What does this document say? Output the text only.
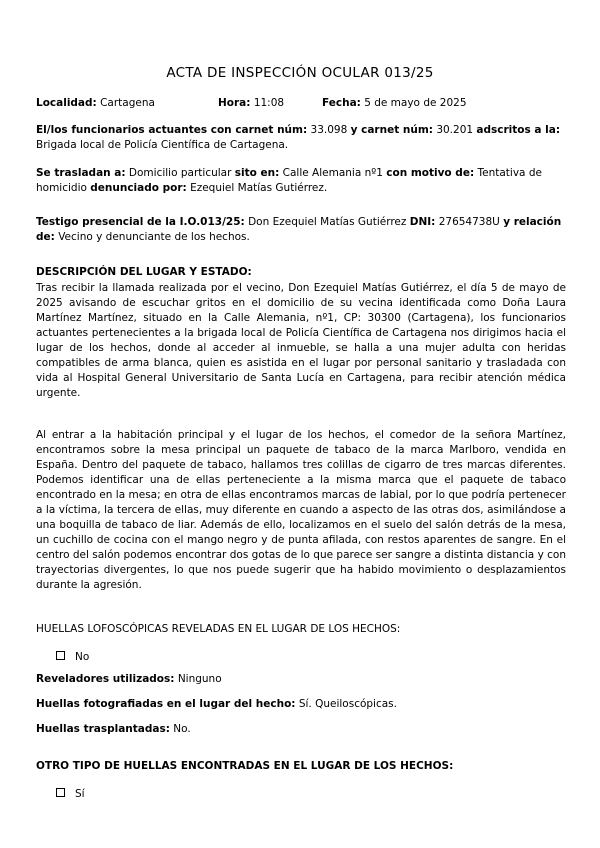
ACTA DE INSPECCIÓN OCULAR 013/25
Localidad: Cartagena	Hora: 11:08	Fecha: 5 de mayo de 2025
El/los funcionarios actuantes con carnet núm: 33.098 y carnet núm: 30.201 adscritos a la: Brigada local de Policía Científica de Cartagena.
Se trasladan a: Domicilio particular sito en: Calle Alemania nº1 con motivo de: Tentativa de homicidio denunciado por: Ezequiel Matías Gutiérrez.
Testigo presencial de la I.O.013/25: Don Ezequiel Matías Gutiérrez DNI: 27654738U y relación de: Vecino y denunciante de los hechos.
DESCRIPCIÓN DEL LUGAR Y ESTADO:
Tras recibir la llamada realizada por el vecino, Don Ezequiel Matías Gutiérrez, el día 5 de mayo de 2025 avisando de escuchar gritos en el domicilio de su vecina identificada como Doña Laura Martínez Martínez, situado en la Calle Alemania, nº1, CP: 30300 (Cartagena), los funcionarios actuantes pertenecientes a la brigada local de Policía Científica de Cartagena nos dirigimos hacia el lugar de los hechos, donde al acceder al inmueble, se halla a una mujer adulta con heridas compatibles de arma blanca, quien es asistida en el lugar por personal sanitario y trasladada con vida al Hospital General Universitario de Santa Lucía en Cartagena, para recibir atención médica urgente.
Al entrar a la habitación principal y el lugar de los hechos, el comedor de la señora Martínez, encontramos sobre la mesa principal un paquete de tabaco de la marca Marlboro, vendida en España. Dentro del paquete de tabaco, hallamos tres colillas de cigarro de tres marcas diferentes. Podemos identificar una de ellas perteneciente a la misma marca que el paquete de tabaco encontrado en la mesa; en otra de ellas encontramos marcas de labial, por lo que podría pertenecer a la víctima, la tercera de ellas, muy diferente en cuando a aspecto de las otras dos, asimilándose a una boquilla de tabaco de liar. Además de ello, localizamos en el suelo del salón detrás de la mesa, un cuchillo de cocina con el mango negro y de punta afilada, con restos aparentes de sangre. En el centro del salón podemos encontrar dos gotas de lo que parece ser sangre a distinta distancia y con trayectorias divergentes, lo que nos puede sugerir que ha habido movimiento o desplazamientos durante la agresión.
HUELLAS LOFOSCÓPICAS REVELADAS EN EL LUGAR DE LOS HECHOS:
No
Reveladores utilizados: Ninguno
Huellas fotografiadas en el lugar del hecho: Sí. Queiloscópicas.
Huellas trasplantadas: No.
OTRO TIPO DE HUELLAS ENCONTRADAS EN EL LUGAR DE LOS HECHOS:
Sí
